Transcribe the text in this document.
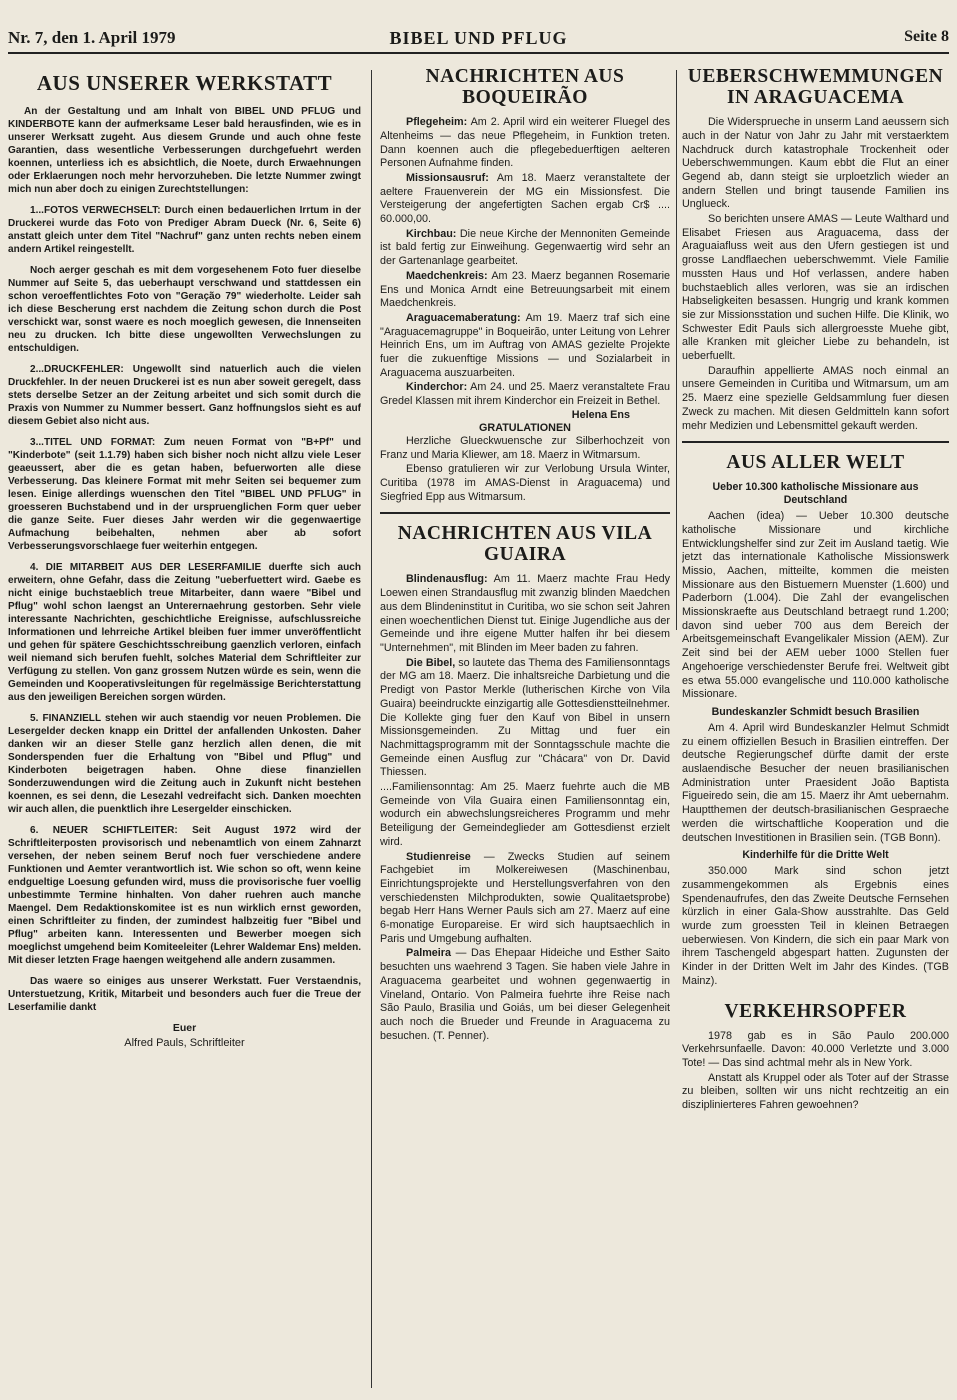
Nr. 7, den 1. April 1979	BIBEL UND PFLUG	Seite 8
AUS UNSERER WERKSTATT

An der Gestaltung und am Inhalt von BIBEL UND PFLUG und KINDERBOTE kann der aufmerksame Leser bald herausfinden, wie es in unserer Werksatt zugeht. Aus diesem Grunde und auch ohne feste Garantien, dass wesentliche Verbesserungen durchgefuehrt werden koennen, unterliess ich es absichtlich, die Noete, durch Erwaehnungen oder Erklaerungen noch mehr hervorzuheben. Die letzte Nummer zwingt mich nun aber doch zu einigen Zurechtstellungen:

1...FOTOS VERWECHSELT: Durch einen bedauerlichen Irrtum in der Druckerei wurde das Foto von Prediger Abram Dueck (Nr. 6, Seite 6) anstatt gleich unter dem Titel "Nachruf" ganz unten rechts neben einem andern Artikel reingestellt.

Noch aerger geschah es mit dem vorgesehenem Foto fuer dieselbe Nummer auf Seite 5, das ueberhaupt verschwand und stattdessen ein schon veroeffentlichtes Foto von "Geração 79" wiederholte. Leider sah ich diese Bescherung erst nachdem die Zeitung schon durch die Post verschickt war, sonst waere es noch moeglich gewesen, die Innenseiten neu zu drucken. Ich bitte diese ungewollten Verwechslungen zu entschuldigen.

2...DRUCKFEHLER: Ungewollt sind natuerlich auch die vielen Druckfehler. In der neuen Druckerei ist es nun aber soweit geregelt, dass stets derselbe Setzer an der Zeitung arbeitet und sich somit durch die Praxis von Nummer zu Nummer bessert. Ganz hoffnungslos sieht es auf diesem Gebiet also nicht aus.

3...TITEL UND FORMAT: Zum neuen Format von "B+Pf" und "Kinderbote" (seit 1.1.79) haben sich bisher noch nicht allzu viele Leser geaeussert, aber die es getan haben, befuerworten alle diese Verbesserung. Das kleinere Format mit mehr Seiten sei bequemer zum lesen. Einige allerdings wuenschen den Titel "BIBEL UND PFLUG" in groesseren Buchstabend und in der urspruenglichen Form quer ueber die ganze Seite. Fuer dieses Jahr werden wir die gegenwaertige Aufmachung beibehalten, nehmen aber ab sofort Verbesserungsvorschlaege fuer weiterhin entgegen.

4. DIE MITARBEIT AUS DER LESERFAMILIE duerfte sich auch erweitern, ohne Gefahr, dass die Zeitung "ueberfuettert wird. Gaebe es nicht einige buchstaeblich treue Mitarbeiter, dann waere "Bibel und Pflug" wohl schon laengst an Unterernaehrung gestorben. Sehr viele interessante Nachrichten, geschichtliche Ereignisse, aufschlussreiche Informationen und lehrreiche Artikel bleiben fuer immer unveröffentlicht und gehen für spätere Geschichtsschreibung gaenzlich verloren, einfach weil niemand sich berufen fuehlt, solches Material dem Schriftleiter zur Verfügung zu stellen. Von ganz grossem Nutzen würde es sein, wenn die Gemeinden und Kooperativsleitungen für regelmässige Berichterstattung aus den jeweiligen Bereichen sorgen würden.

5. FINANZIELL stehen wir auch staendig vor neuen Problemen. Die Lesergelder decken knapp ein Drittel der anfallenden Unkosten. Daher danken wir an dieser Stelle ganz herzlich allen denen, die mit Sonderspenden fuer die Erhaltung von "Bibel und Pflug" und Kinderboten beigetragen haben. Ohne diese finanziellen Sonderzuwendungen wird die Zeitung auch in Zukunft nicht bestehen koennen, es sei denn, die Lesezahl vedreifacht sich. Danken moechten wir auch allen, die puenktlich ihre Lesergelder einschicken.

6. NEUER SCHIFTLEITER: Seit August 1972 wird der Schriftleiterposten provisorisch und nebenamtlich von einem Zahnarzt versehen, der neben seinem Beruf noch fuer verschiedene andere Funktionen und Aemter verantwortlich ist. Wie schon so oft, wenn keine endgueltige Loesung gefunden wird, muss die provisorische fuer voellig unbestimmte Termine hinhalten. Von daher ruehren auch manche Maengel. Dem Redaktionskomitee ist es nun wirklich ernst geworden, einen Schriftleiter zu finden, der zumindest halbzeitig fuer "Bibel und Pflug" arbeiten kann. Interessenten und Bewerber moegen sich moeglichst umgehend beim Komiteeleiter (Lehrer Waldemar Ens) melden. Mit dieser letzten Frage haengen weitgehend alle andern zusammen.

Das waere so einiges aus unserer Werkstatt. Fuer Verstaendnis, Unterstuetzung, Kritik, Mitarbeit und besonders auch fuer die Treue der Leserfamilie dankt

Euer
Alfred Pauls, Schriftleiter
NACHRICHTEN AUS BOQUEIRÃO

Pflegeheim: Am 2. April wird ein weiterer Fluegel des Altenheims — das neue Pflegeheim, in Funktion treten. Dann koennen auch die pflegebeduerftigen aelteren Personen Aufnahme finden.

Missionsausruf: Am 18. Maerz veranstaltete der aeltere Frauenverein der MG ein Missionsfest. Die Versteigerung der angefertigten Sachen ergab Cr$ .... 60.000,00.

Kirchbau: Die neue Kirche der Mennoniten Gemeinde ist bald fertig zur Einweihung. Gegenwaertig wird sehr an der Gartenanlage gearbeitet.

Maedchenkreis: Am 23. Maerz begannen Rosemarie Ens und Monica Arndt eine Betreuungsarbeit mit einem Maedchenkreis.

Araguacemaberatung: Am 19. Maerz traf sich eine "Araguacemagruppe" in Boqueirão, unter Leitung von Lehrer Heinrich Ens, um im Auftrag von AMAS gezielte Projekte fuer die zukuenftige Missions — und Sozialarbeit in Araguacema auszuarbeiten.

Kinderchor: Am 24. und 25. Maerz veranstaltete Frau Gredel Klassen mit ihrem Kinderchor ein Freizeit in Bethel.

Helena Ens
GRATULATIONEN

Herzliche Glueckwuensche zur Silberhochzeit von Franz und Maria Kliewer, am 18. Maerz in Witmarsum.

Ebenso gratulieren wir zur Verlobung Ursula Winter, Curitiba (1978 im AMAS-Dienst in Araguacema) und Siegfried Epp aus Witmarsum.

NACHRICHTEN AUS VILA GUAIRA

Blindenausflug: Am 11. Maerz machte Frau Hedy Loewen einen Strandausflug mit zwanzig blinden Maedchen aus dem Blindeninstitut in Curitiba, wo sie schon seit Jahren einen woechentlichen Dienst tut. Einige Jugendliche aus der Gemeinde und ihre eigene Mutter halfen ihr bei diesem "Unternehmen", mit Blinden im Meer baden zu fahren.

Die Bibel, so lautete das Thema des Familiensonntags der MG am 18. Maerz. Die inhaltsreiche Darbietung und die Predigt von Pastor Merkle (lutherischen Kirche von Vila Guaira) beeindruckte einzigartig alle Gottesdienstteilnehmer. Die Kollekte ging fuer den Kauf von Bibel in unsern Missionsgemeinden. Zu Mittag und fuer ein Nachmittagsprogramm mit der Sonntagsschule machte die Gemeinde einen Ausflug zur "Chácara" von Dr. David Thiessen.

....Familiensonntag: Am 25. Maerz fuehrte auch die MB Gemeinde von Vila Guaira einen Familiensonntag ein, wodurch ein abwechslungsreicheres Programm und mehr Beteiligung der Gemeindeglieder am Gottesdienst erzielt wird.

Studienreise — Zwecks Studien auf seinem Fachgebiet im Molkereiwesen (Maschinenbau, Einrichtungsprojekte und Herstellungsverfahren von den verschiedensten Milchprodukten, sowie Qualitaetsprobe) begab Herr Hans Werner Pauls sich am 27. Maerz auf eine 6-monatige Europareise. Er wird sich hauptsaechlich in Paris und Umgebung aufhalten.

Palmeira — Das Ehepaar Hideiche und Esther Saito besuchten uns waehrend 3 Tagen. Sie haben viele Jahre in Araguacema gearbeitet und wohnen gegenwaertig in Vineland, Ontario. Von Palmeira fuehrte ihre Reise nach São Paulo, Brasilia und Goiás, um bei dieser Gelegenheit auch noch die Brueder und Freunde in Araguacema zu besuchen. (T. Penner).

UEBERSCHWEMMUNGEN IN ARAGUACEMA

Die Widersprueche in unserm Land aeussern sich auch in der Natur von Jahr zu Jahr mit verstaerktem Nachdruck durch katastrophale Trockenheit oder Ueberschwemmungen. Kaum ebbt die Flut an einer Gegend ab, dann steigt sie urploetzlich wieder an andern Stellen und bringt tausende Familien ins Unglueck.

So berichten unsere AMAS — Leute Walthard und Elisabet Friesen aus Araguacema, dass der Araguaiafluss weit aus den Ufern gestiegen ist und grosse Landflaechen ueberschwemmt. Viele Familie mussten Haus und Hof verlassen, andere haben buchstaeblich alles verloren, was sie an irdischen Habseligkeiten besassen. Hungrig und krank kommen sie zur Missionsstation und suchen Hilfe. Die Klinik, wo Schwester Edit Pauls sich allergroesste Muehe gibt, alle Kranken mit gleicher Liebe zu behandeln, ist ueberfuellt.

Daraufhin appellierte AMAS noch einmal an unsere Gemeinden in Curitiba und Witmarsum, um am 25. Maerz eine spezielle Geldsammlung fuer diesen Zweck zu machen. Mit diesen Geldmitteln kann sofort mehr Medizien und Lebensmittel gekauft werden.

AUS ALLER WELT
Ueber 10.300 katholische Missionare aus Deutschland

Aachen (idea) — Ueber 10.300 deutsche katholische Missionare und kirchliche Entwicklungshelfer sind zur Zeit im Ausland taetig. Wie jetzt das internationale Katholische Missionswerk Missio, Aachen, mitteilte, kommen die meisten Missionare aus den Bistuemern Muenster (1.600) und Paderborn (1.004). Die Zahl der evangelischen Missionskraefte aus Deutschland betraegt rund 1.200; davon sind ueber 700 aus dem Bereich der Arbeitsgemeinschaft Evangelikaler Mission (AEM). Zur Zeit sind bei der AEM ueber 1000 Stellen fuer Angehoerige verschiedenster Berufe frei. Weltweit gibt es etwa 55.000 evangelische und 110.000 katholische Missionare.

Bundeskanzler Schmidt besuch Brasilien

Am 4. April wird Bundeskanzler Helmut Schmidt zu einem offiziellen Besuch in Brasilien eintreffen. Der deutsche Regierungschef dürfte damit der erste auslaendische Besucher der neuen brasilianischen Administration unter Praesident João Baptista Figueiredo sein, die am 15. Maerz ihr Amt uebernahm. Hauptthemen der deutsch-brasilianischen Gespraeche werden die wirtschaftliche Kooperation und die deutschen Investitionen in Brasilien sein. (TGB Bonn).

Kinderhilfe für die Dritte Welt

350.000 Mark sind schon jetzt zusammengekommen als Ergebnis eines Spendenaufrufes, den das Zweite Deutsche Fernsehen kürzlich in einer Gala-Show ausstrahlte. Das Geld wurde zum groessten Teil in kleinen Betraegen ueberwiesen. Von Kindern, die sich ein paar Mark von ihrem Taschengeld abgespart hatten. Zugunsten der Kinder in der Dritten Welt im Jahr des Kindes. (TGB Mainz).

VERKEHRSOPFER

1978 gab es in São Paulo 200.000 Verkehrsunfaelle. Davon: 40.000 Verletzte und 3.000 Tote! — Das sind achtmal mehr als in New York.

Anstatt als Kruppel oder als Toter auf der Strasse zu bleiben, sollten wir uns nicht rechtzeitig an ein disziplinierteres Fahren gewoehnen?
